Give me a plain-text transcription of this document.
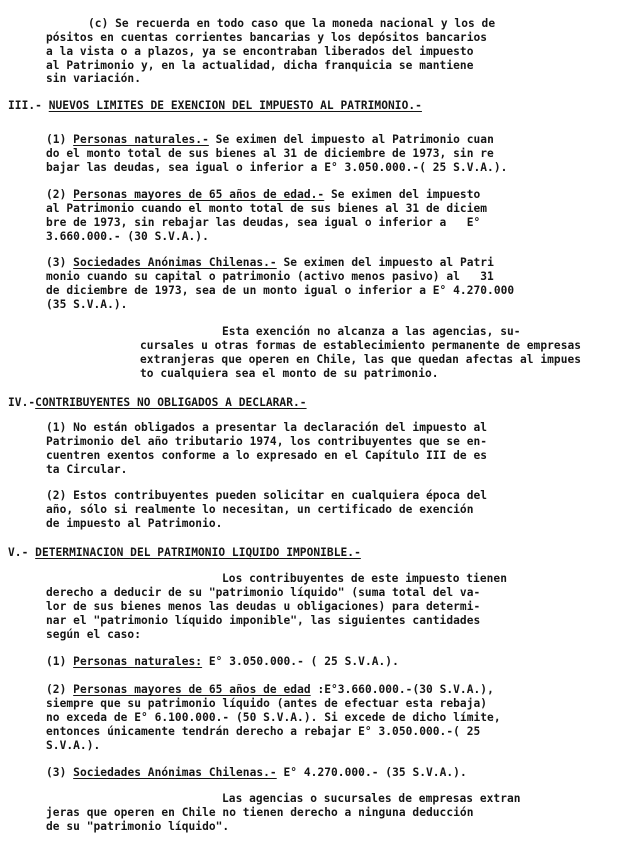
(c) Se recuerda en todo caso que la moneda nacional y los de
pósitos en cuentas corrientes bancarias y los depósitos bancarios
a la vista o a plazos, ya se encontraban liberados del impuesto
al Patrimonio y, en la actualidad, dicha franquicia se mantiene
sin variación.
III.- NUEVOS LIMITES DE EXENCION DEL IMPUESTO AL PATRIMONIO.-
(1) Personas naturales.- Se eximen del impuesto al Patrimonio cuan
do el monto total de sus bienes al 31 de diciembre de 1973, sin re
bajar las deudas, sea igual o inferior a E° 3.050.000.-( 25 S.V.A.).
(2) Personas mayores de 65 años de edad.- Se eximen del impuesto
al Patrimonio cuando el monto total de sus bienes al 31 de diciem
bre de 1973, sin rebajar las deudas, sea igual o inferior a   E°
3.660.000.- (30 S.V.A.).
(3) Sociedades Anónimas Chilenas.- Se eximen del impuesto al Patri
monio cuando su capital o patrimonio (activo menos pasivo) al   31
de diciembre de 1973, sea de un monto igual o inferior a E° 4.270.000
(35 S.V.A.).
Esta exención no alcanza a las agencias, su-
cursales u otras formas de establecimiento permanente de empresas
extranjeras que operen en Chile, las que quedan afectas al impues
to cualquiera sea el monto de su patrimonio.
IV.-CONTRIBUYENTES NO OBLIGADOS A DECLARAR.-
(1) No están obligados a presentar la declaración del impuesto al
Patrimonio del año tributario 1974, los contribuyentes que se en-
cuentren exentos conforme a lo expresado en el Capítulo III de es
ta Circular.
(2) Estos contribuyentes pueden solicitar en cualquiera época del
año, sólo si realmente lo necesitan, un certificado de exención
de impuesto al Patrimonio.
V.- DETERMINACION DEL PATRIMONIO LIQUIDO IMPONIBLE.-
Los contribuyentes de este impuesto tienen
derecho a deducir de su "patrimonio líquido" (suma total del va-
lor de sus bienes menos las deudas u obligaciones) para determi-
nar el "patrimonio líquido imponible", las siguientes cantidades
según el caso:
(1) Personas naturales: E° 3.050.000.- ( 25 S.V.A.).
(2) Personas mayores de 65 años de edad :E°3.660.000.-(30 S.V.A.),
siempre que su patrimonio líquido (antes de efectuar esta rebaja)
no exceda de E° 6.100.000.- (50 S.V.A.). Si excede de dicho límite,
entonces únicamente tendrán derecho a rebajar E° 3.050.000.-( 25
S.V.A.).
(3) Sociedades Anónimas Chilenas.- E° 4.270.000.- (35 S.V.A.).
Las agencias o sucursales de empresas extran
jeras que operen en Chile no tienen derecho a ninguna deducción
de su "patrimonio líquido".
